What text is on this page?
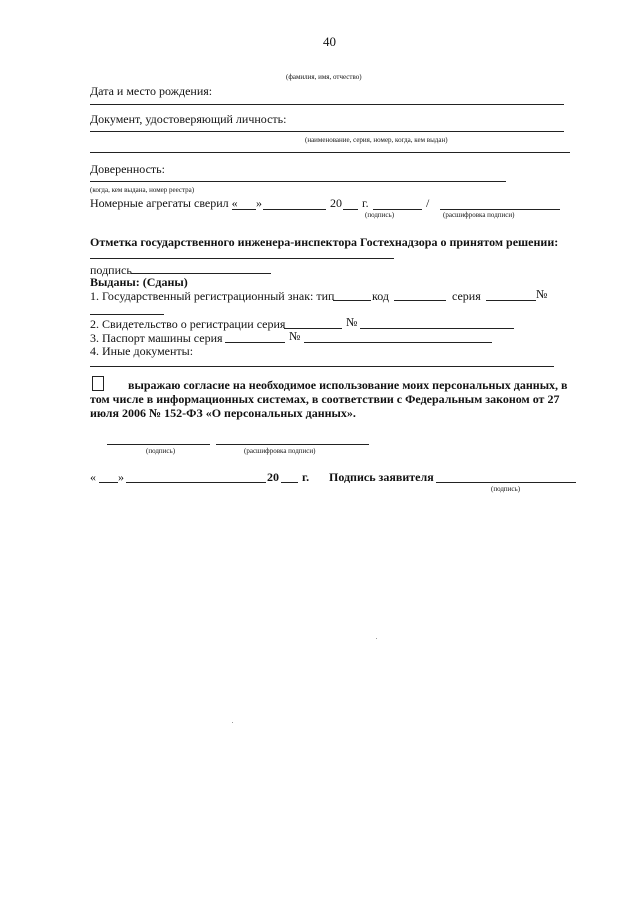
40
(фамилия, имя, отчество)
Дата и место рождения:
Документ, удостоверяющий личность:
(наименование, серия, номер, когда, кем выдан)
Доверенность:
(когда, кем выдана, номер реестра)
Номерные агрегаты сверил « »	20 г.	/
(подпись)	(расшифровка подписи)
Отметка государственного инженера-инспектора Гостехнадзора о принятом решении:
подпись
Выданы: (Сданы)
1. Государственный регистрационный знак: тип	код	серия	№
2. Свидетельство о регистрации серия	№
3. Паспорт машины серия	№
4. Иные документы:
выражаю согласие на необходимое использование моих персональных данных, в
том числе в информационных системах, в соответствии с Федеральным законом от 27
июля 2006 № 152-ФЗ «О персональных данных».
(подпись)	(расшифровка подписи)
« »	20 г. Подпись заявителя
(подпись)
